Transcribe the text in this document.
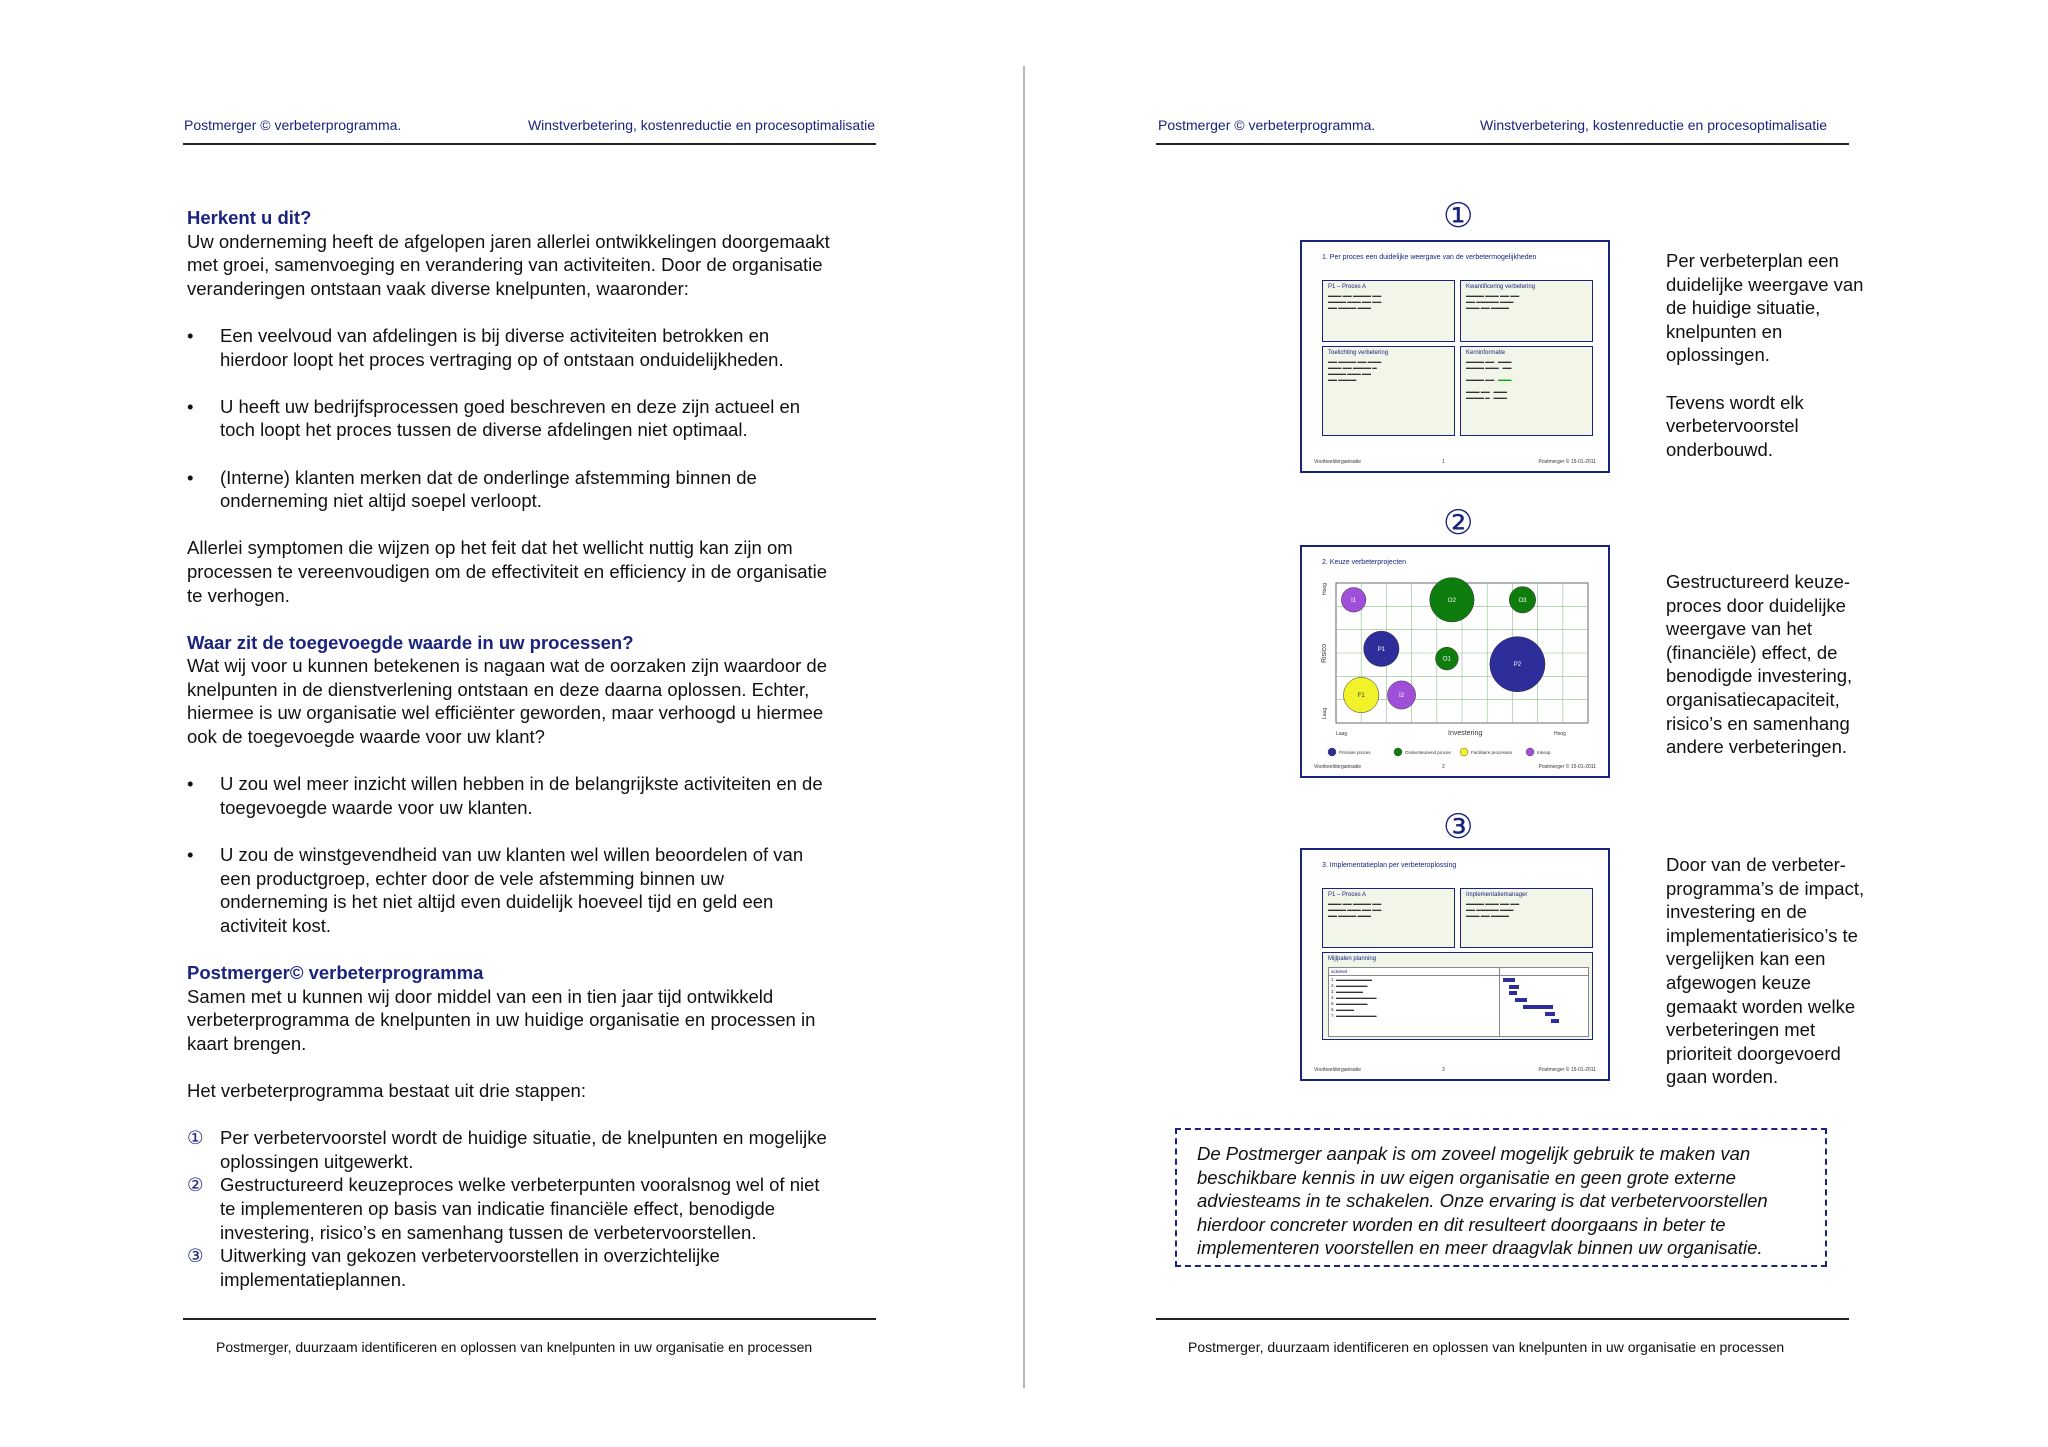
Postmerger © verbeterprogramma.	Winstverbetering, kostenreductie en procesoptimalisatie
Herkent u dit?

Uw onderneming heeft de afgelopen jaren allerlei ontwikkelingen doorgemaakt

met groei, samenvoeging en verandering van activiteiten. Door de organisatie

veranderingen ontstaan vaak diverse knelpunten, waaronder:

•	Een veelvoud van afdelingen is bij diverse activiteiten betrokken en

hierdoor loopt het proces vertraging op of ontstaan onduidelijkheden.

•	U heeft uw bedrijfsprocessen goed beschreven en deze zijn actueel en

toch loopt het proces tussen de diverse afdelingen niet optimaal.

•	(Interne) klanten merken dat de onderlinge afstemming binnen de

onderneming niet altijd soepel verloopt.

Allerlei symptomen die wijzen op het feit dat het wellicht nuttig kan zijn om

processen te vereenvoudigen om de effectiviteit en efficiency in de organisatie

te verhogen.

Waar zit de toegevoegde waarde in uw processen?

Wat wij voor u kunnen betekenen is nagaan wat de oorzaken zijn waardoor de

knelpunten in de dienstverlening ontstaan en deze daarna oplossen. Echter,

hiermee is uw organisatie wel efficiënter geworden, maar verhoogd u hiermee

ook de toegevoegde waarde voor uw klant?

•	U zou wel meer inzicht willen hebben in de belangrijkste activiteiten en de

toegevoegde waarde voor uw klanten.

•	U zou de winstgevendheid van uw klanten wel willen beoordelen of van

een productgroep, echter door de vele afstemming binnen uw

onderneming is het niet altijd even duidelijk hoeveel tijd en geld een

activiteit kost.

Postmerger© verbeterprogramma

Samen met u kunnen wij door middel van een in tien jaar tijd ontwikkeld

verbeterprogramma de knelpunten in uw huidige organisatie en processen in

kaart brengen.

Het verbeterprogramma bestaat uit drie stappen:

① Per verbetervoorstel wordt de huidige situatie, de knelpunten en mogelijke

oplossingen uitgewerkt.

② Gestructureerd keuzeproces welke verbeterpunten vooralsnog wel of niet

te implementeren op basis van indicatie financiële effect, benodigde

investering, risico’s en samenhang tussen de verbetervoorstellen.

③ Uitwerking van gekozen verbetervoorstellen in overzichtelijke

implementatieplannen.

Postmerger, duurzaam identificeren en oplossen van knelpunten in uw organisatie en processen
Postmerger © verbeterprogramma.	Winstverbetering, kostenreductie en procesoptimalisatie
①
1. Per proces een duidelijke weergave van de verbetermogelijkheden
P1 – Proces A
▬▬▬ ▬▬ ▬▬▬▬ ▬▬
▬▬▬▬ ▬▬▬ ▬▬ ▬▬
▬▬ ▬▬▬▬ ▬▬▬
Kwantificering verbetering
▬▬▬▬ ▬▬▬ ▬▬ ▬▬
▬▬ ▬▬▬▬▬ ▬▬▬
▬▬▬ ▬▬ ▬▬▬▬
Toelichting verbetering
▬▬ ▬▬▬▬ ▬▬ ▬▬▬
▬▬▬ ▬▬ ▬▬▬▬ ▬
▬▬▬▬ ▬▬▬ ▬▬
▬▬ ▬▬▬▬
Kerninformatie
▬▬▬▬ ▬▬   ▬▬▬
▬▬▬▬ ▬▬▬   ▬▬

▬▬▬▬ ▬▬   ▬▬▬

▬▬▬ ▬▬   ▬▬▬
▬▬▬▬ ▬   ▬▬▬
Voorbeeldorganisatie	1	Postmerger © 15-01-2011

Per verbeterplan een

duidelijke weergave van

de huidige situatie,

knelpunten en

oplossingen.

Tevens wordt elk

verbetervoorstel

onderbouwd.

②
2. Keuze verbeterprojecten
Risico
Hoog
Laag
Investering
Laag	Hoog
I1	O2	O3
P1
O1
P2
F1	I2
Primaire proces	Ondersteunend proces	Facilitaire processen	Inkoop
Voorbeeldorganisatie	2	Postmerger © 15-01-2011

Gestructureerd keuze-

proces door duidelijke

weergave van het

(financiële) effect, de

benodigde investering,

organisatiecapaciteit,

risico’s en samenhang

andere verbeteringen.

③
3. Implementatieplan per verbeteroplossing
P1 – Proces A
▬▬▬ ▬▬ ▬▬▬▬ ▬▬
▬▬▬▬ ▬▬▬ ▬▬ ▬▬
▬▬ ▬▬▬▬ ▬▬▬
Implementatiemanager
▬▬▬▬ ▬▬▬ ▬▬ ▬▬
▬▬ ▬▬▬▬▬ ▬▬▬
▬▬▬ ▬▬ ▬▬▬▬
Mijlpalen planning
activiteit
1. ▬▬▬▬▬▬▬▬
2. ▬▬▬▬▬▬▬
3. ▬▬▬▬▬▬
4. ▬▬▬▬▬▬▬▬▬
5. ▬▬▬▬▬▬▬
6. ▬▬▬▬
7. ▬▬▬▬▬▬▬▬▬
Voorbeeldorganisatie	3	Postmerger © 15-01-2011

Door van de verbeter-

programma’s de impact,

investering en de

implementatierisico’s te

vergelijken kan een

afgewogen keuze

gemaakt worden welke

verbeteringen met

prioriteit doorgevoerd

gaan worden.

De Postmerger aanpak is om zoveel mogelijk gebruik te maken van
beschikbare kennis in uw eigen organisatie en geen grote externe
adviesteams in te schakelen. Onze ervaring is dat verbetervoorstellen
hierdoor concreter worden en dit resulteert doorgaans in beter te
implementeren voorstellen en meer draagvlak binnen uw organisatie.
Postmerger, duurzaam identificeren en oplossen van knelpunten in uw organisatie en processen
